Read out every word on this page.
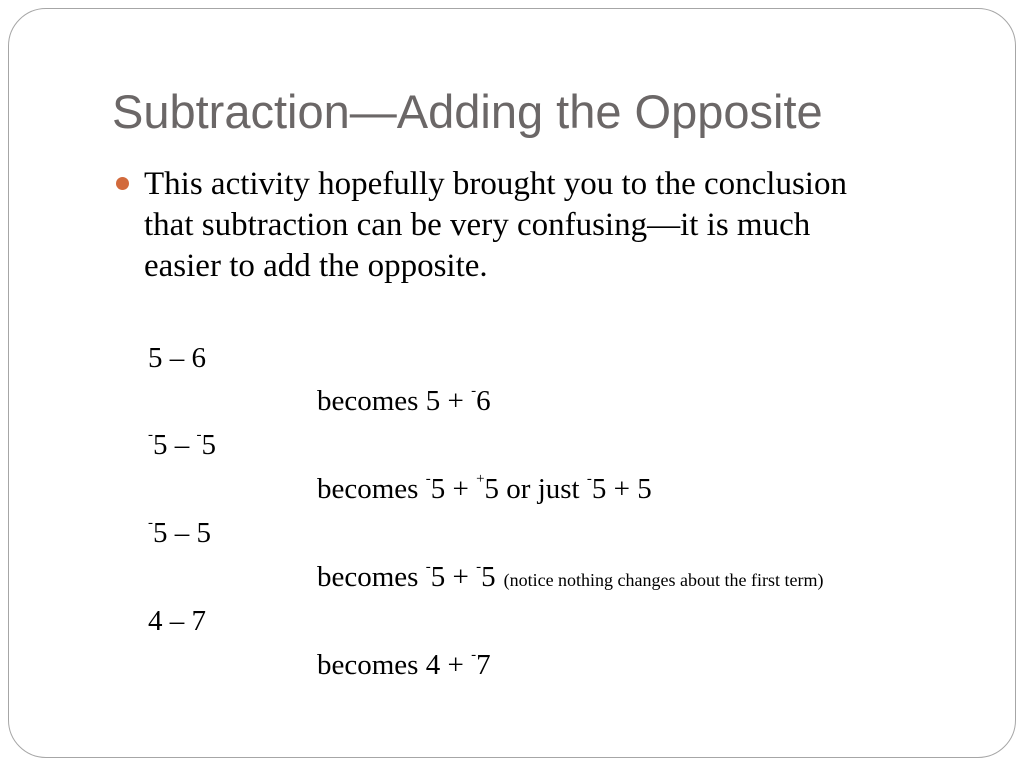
Subtraction—Adding the Opposite

This activity hopefully brought you to the conclusion
that subtraction can be very confusing—it is much
easier to add the opposite.

5 – 6
becomes 5 + -6
-5 – -5
becomes -5 + +5 or just -5 + 5
-5 – 5
becomes -5 + -5 (notice nothing changes about the first term)
4 – 7
becomes 4 + -7
